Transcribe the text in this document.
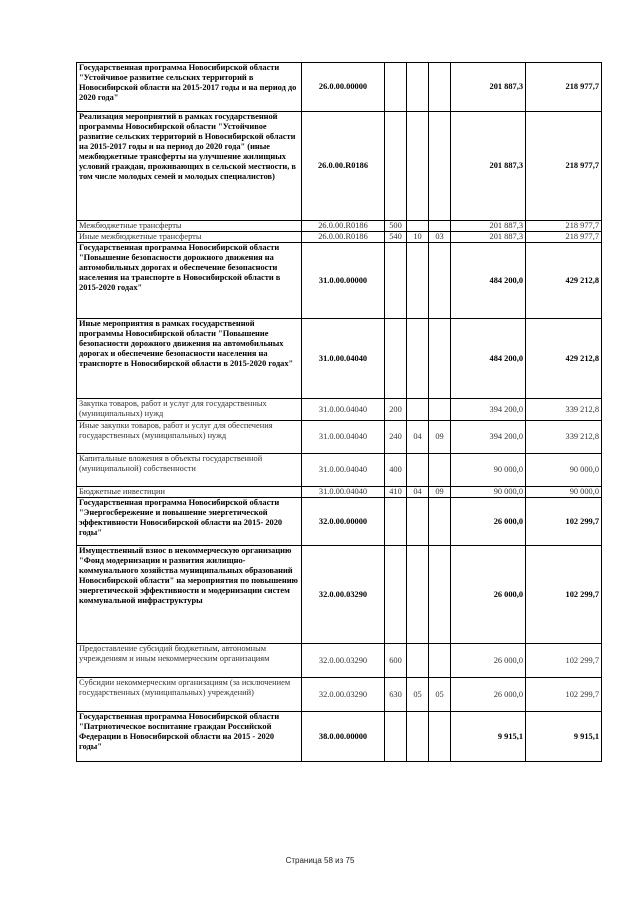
Государственная программа Новосибирской области "Устойчивое развитие сельских территорий в Новосибирской области на 2015-2017 годы и на период до 2020 года"	26.0.00.00000				201 887,3	218 977,7
Реализация мероприятий в рамках государственной программы Новосибирской области "Устойчивое развитие сельских территорий в Новосибирской области на 2015-2017 годы и на период до 2020 года" (иные межбюджетные трансферты на улучшение жилищных условий граждан, проживающих в сельской местности, в том числе молодых семей и молодых специалистов)	26.0.00.R0186				201 887,3	218 977,7
Межбюджетные трансферты	26.0.00.R0186	500			201 887,3	218 977,7
Иные межбюджетные трансферты	26.0.00.R0186	540	10	03	201 887,3	218 977,7
Государственная программа Новосибирской области "Повышение безопасности дорожного движения на автомобильных дорогах и обеспечение безопасности населения на транспорте в Новосибирской области в 2015-2020 годах"	31.0.00.00000				484 200,0	429 212,8
Иные мероприятия в рамках государственной программы Новосибирской области "Повышение безопасности дорожного движения на автомобильных дорогах и обеспечение безопасности населения на транспорте в Новосибирской области в 2015-2020 годах"	31.0.00.04040				484 200,0	429 212,8
Закупка товаров, работ и услуг для государственных (муниципальных) нужд	31.0.00.04040	200			394 200,0	339 212,8
Иные закупки товаров, работ и услуг для обеспечения государственных (муниципальных) нужд	31.0.00.04040	240	04	09	394 200,0	339 212,8
Капитальные вложения в объекты государственной (муниципальной) собственности	31.0.00.04040	400			90 000,0	90 000,0
Бюджетные инвестиции	31.0.00.04040	410	04	09	90 000,0	90 000,0
Государственная программа Новосибирской области "Энергосбережение и повышение энергетической эффективности Новосибирской области на 2015- 2020 годы"	32.0.00.00000				26 000,0	102 299,7
Имущественный взнос в некоммерческую организацию "Фонд модернизации и развития жилищно-коммунального хозяйства муниципальных образований Новосибирской области" на мероприятия по повышению энергетической эффективности и модернизации систем коммунальной инфраструктуры	32.0.00.03290				26 000,0	102 299,7
Предоставление субсидий бюджетным, автономным учреждениям и иным некоммерческим организациям	32.0.00.03290	600			26 000,0	102 299,7
Субсидии некоммерческим организациям (за исключением государственных (муниципальных) учреждений)	32.0.00.03290	630	05	05	26 000,0	102 299,7
Государственная программа Новосибирской области "Патриотическое воспитание граждан Российской Федерации в Новосибирской области на 2015 - 2020 годы"	38.0.00.00000				9 915,1	9 915,1
Страница 58 из 75
